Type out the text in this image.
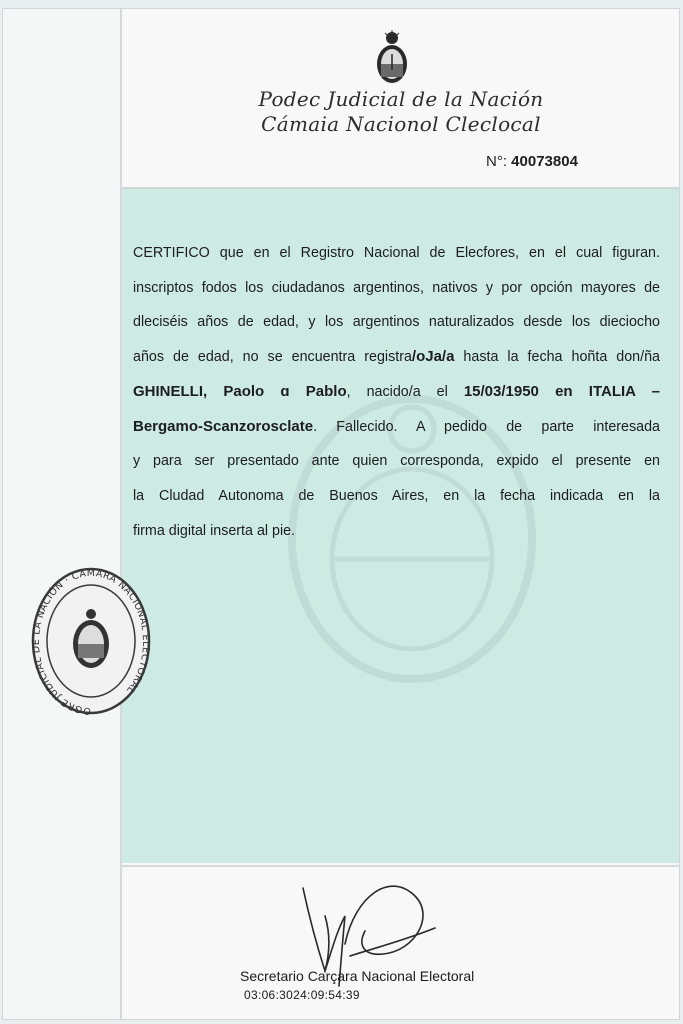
CERTIFICO que en el Registro Nacional de Elecfores, en el cual figuran.

inscriptos fodos los ciudadanos argentinos, nativos y por opción mayores de

dleciséis años de edad, y los argentinos naturalizados desde los dieciocho

años de edad, no se encuentra registra/oJa/a hasta la fecha hoñta don/ña

GHINELLI, Paolo ɑ Pablo, nacido/a el 15/03/1950 en ITALIA –

Bergamo-Scanzorosclate. Fallecido. A pedido de parte interesada

y para ser presentado ante quien corresponda, expido el presente en

la Cludad Autonoma de Buenos Aires, en la fecha indicada en la

firma digital inserta al pie.

Podec Judicial de la Nación
Cámaia Nacionol Cleclocal
N°: 40073804
OGRE JUDICIAL DE LA NACIÓN · CAMARA NACIONAL ELECTORAL
Secretario Carçara Nacional Electoral
03:06:3024:09:54:39
